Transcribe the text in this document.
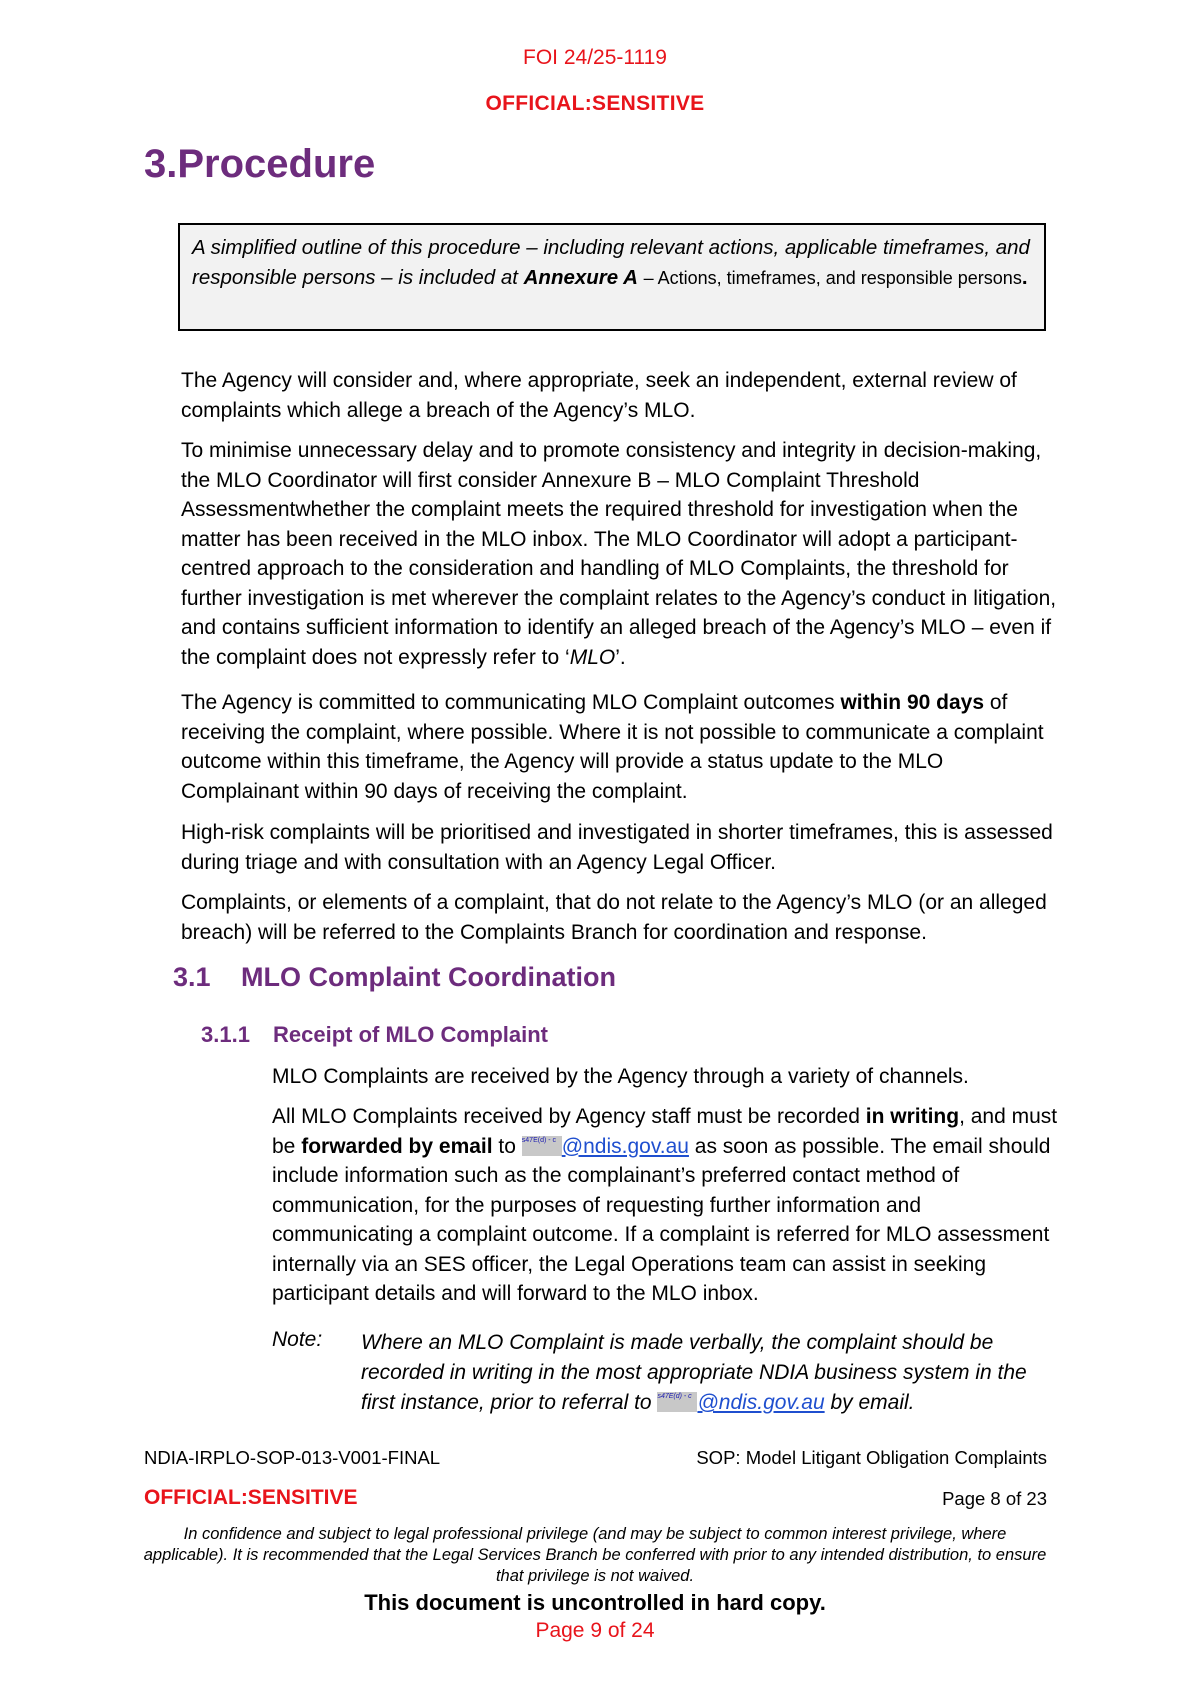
FOI 24/25-1119
OFFICIAL:SENSITIVE
3.Procedure
A simplified outline of this procedure – including relevant actions, applicable timeframes, and responsible persons – is included at Annexure A – Actions, timeframes, and responsible persons.
The Agency will consider and, where appropriate, seek an independent, external review of complaints which allege a breach of the Agency’s MLO.
To minimise unnecessary delay and to promote consistency and integrity in decision-making, the MLO Coordinator will first consider Annexure B – MLO Complaint Threshold Assessmentwhether the complaint meets the required threshold for investigation when the matter has been received in the MLO inbox. The MLO Coordinator will adopt a participant-centred approach to the consideration and handling of MLO Complaints, the threshold for further investigation is met wherever the complaint relates to the Agency’s conduct in litigation, and contains sufficient information to identify an alleged breach of the Agency’s MLO – even if the complaint does not expressly refer to ‘MLO’.
The Agency is committed to communicating MLO Complaint outcomes within 90 days of receiving the complaint, where possible. Where it is not possible to communicate a complaint outcome within this timeframe, the Agency will provide a status update to the MLO Complainant within 90 days of receiving the complaint.
High-risk complaints will be prioritised and investigated in shorter timeframes, this is assessed during triage and with consultation with an Agency Legal Officer.
Complaints, or elements of a complaint, that do not relate to the Agency’s MLO (or an alleged breach) will be referred to the Complaints Branch for coordination and response.
3.1 MLO Complaint Coordination
3.1.1 Receipt of MLO Complaint
MLO Complaints are received by the Agency through a variety of channels.
All MLO Complaints received by Agency staff must be recorded in writing, and must be forwarded by email to s47E(d) - c @ndis.gov.au as soon as possible. The email should include information such as the complainant’s preferred contact method of communication, for the purposes of requesting further information and communicating a complaint outcome. If a complaint is referred for MLO assessment internally via an SES officer, the Legal Operations team can assist in seeking participant details and will forward to the MLO inbox.
Note: Where an MLO Complaint is made verbally, the complaint should be recorded in writing in the most appropriate NDIA business system in the first instance, prior to referral to s47E(d) - c @ndis.gov.au by email.
NDIA-IRPLO-SOP-013-V001-FINAL	SOP: Model Litigant Obligation Complaints
OFFICIAL:SENSITIVE	Page 8 of 23
In confidence and subject to legal professional privilege (and may be subject to common interest privilege, where applicable). It is recommended that the Legal Services Branch be conferred with prior to any intended distribution, to ensure that privilege is not waived.
This document is uncontrolled in hard copy.
Page 9 of 24
